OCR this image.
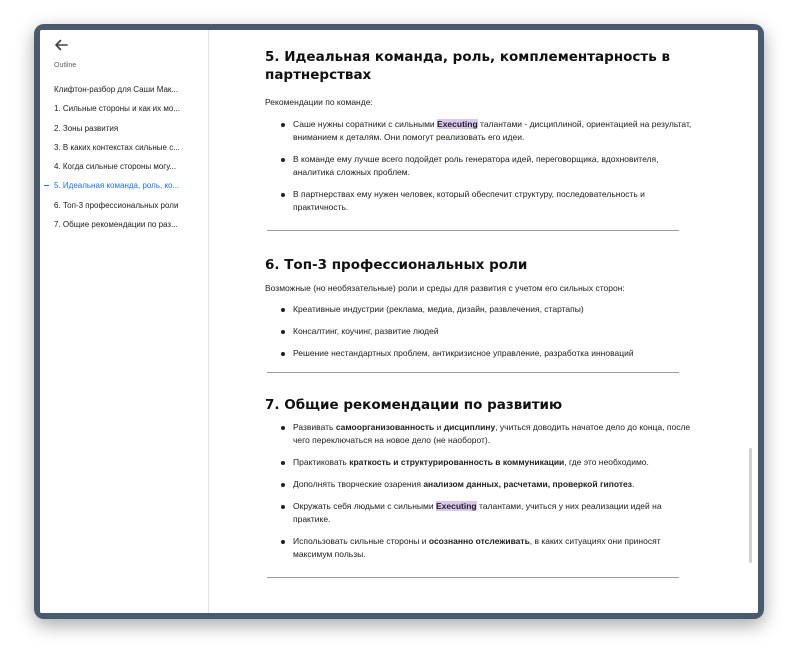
Outline
Клифтон-разбор для Саши Мак...
1. Сильные стороны и как их мо...
2. Зоны развития
3. В каких контекстах сильные с...
4. Когда сильные стороны могу...
5. Идеальная команда, роль, ко...
6. Топ-3 профессиональных роли
7. Общие рекомендации по раз...
5. Идеальная команда, роль, комплементарность в партнерствах
Рекомендации по команде:
Саше нужны соратники с сильными Executing талантами - дисциплиной, ориентацией на результат, вниманием к деталям. Они помогут реализовать его идеи.
В команде ему лучше всего подойдет роль генератора идей, переговорщика, вдохновителя, аналитика сложных проблем.
В партнерствах ему нужен человек, который обеспечит структуру, последовательность и практичность.
6. Топ-3 профессиональных роли
Возможные (но необязательные) роли и среды для развития с учетом его сильных сторон:
Креативные индустрии (реклама, медиа, дизайн, развлечения, стартапы)
Консалтинг, коучинг, развитие людей
Решение нестандартных проблем, антикризисное управление, разработка инноваций
7. Общие рекомендации по развитию
Развивать самоорганизованность и дисциплину, учиться доводить начатое дело до конца, после чего переключаться на новое дело (не наоборот).
Практиковать краткость и структурированность в коммуникации, где это необходимо.
Дополнять творческие озарения анализом данных, расчетами, проверкой гипотез.
Окружать себя людьми с сильными Executing талантами, учиться у них реализации идей на практике.
Использовать сильные стороны и осознанно отслеживать, в каких ситуациях они приносят максимум пользы.
